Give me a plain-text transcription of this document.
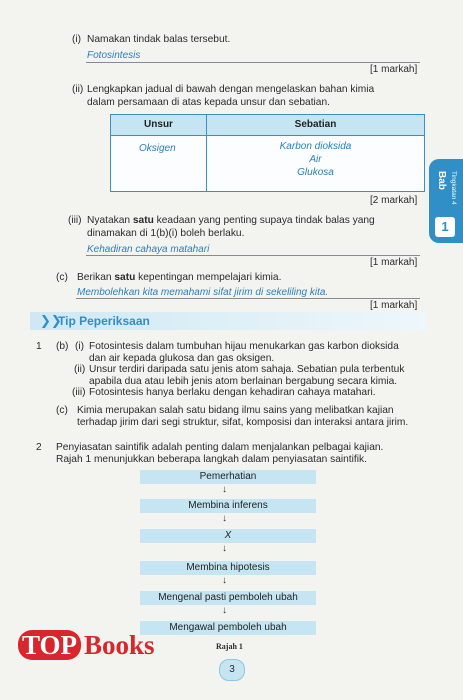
(i) Namakan tindak balas tersebut.
Fotosintesis
[1 markah]
(ii) Lengkapkan jadual di bawah dengan mengelaskan bahan kimia
dalam persamaan di atas kepada unsur dan sebatian.
Unsur	Sebatian
Oksigen	Karbon dioksida
Air
Glukosa
[2 markah]
(iii) Nyatakan satu keadaan yang penting supaya tindak balas yang
dinamakan di 1(b)(i) boleh berlaku.
Kehadiran cahaya matahari
[1 markah]
(c) Berikan satu kepentingan mempelajari kimia.
Membolehkan kita memahami sifat jirim di sekeliling kita.
[1 markah]
Bab Tingkatan 4
1
❯❯
Tip Peperiksaan
1 (b) (i) Fotosintesis dalam tumbuhan hijau menukarkan gas karbon dioksida
dan air kepada glukosa dan gas oksigen.
(ii) Unsur terdiri daripada satu jenis atom sahaja. Sebatian pula terbentuk
apabila dua atau lebih jenis atom berlainan bergabung secara kimia.
(iii) Fotosintesis hanya berlaku dengan kehadiran cahaya matahari.
(c) Kimia merupakan salah satu bidang ilmu sains yang melibatkan kajian
terhadap jirim dari segi struktur, sifat, komposisi dan interaksi antara jirim.
2 Penyiasatan saintifik adalah penting dalam menjalankan pelbagai kajian.
Rajah 1 menunjukkan beberapa langkah dalam penyiasatan saintifik.
Pemerhatian
↓
Membina inferens
↓
X
↓
Membina hipotesis
↓
Mengenal pasti pemboleh ubah
↓
Mengawal pemboleh ubah
Rajah 1
TOP Books
3
